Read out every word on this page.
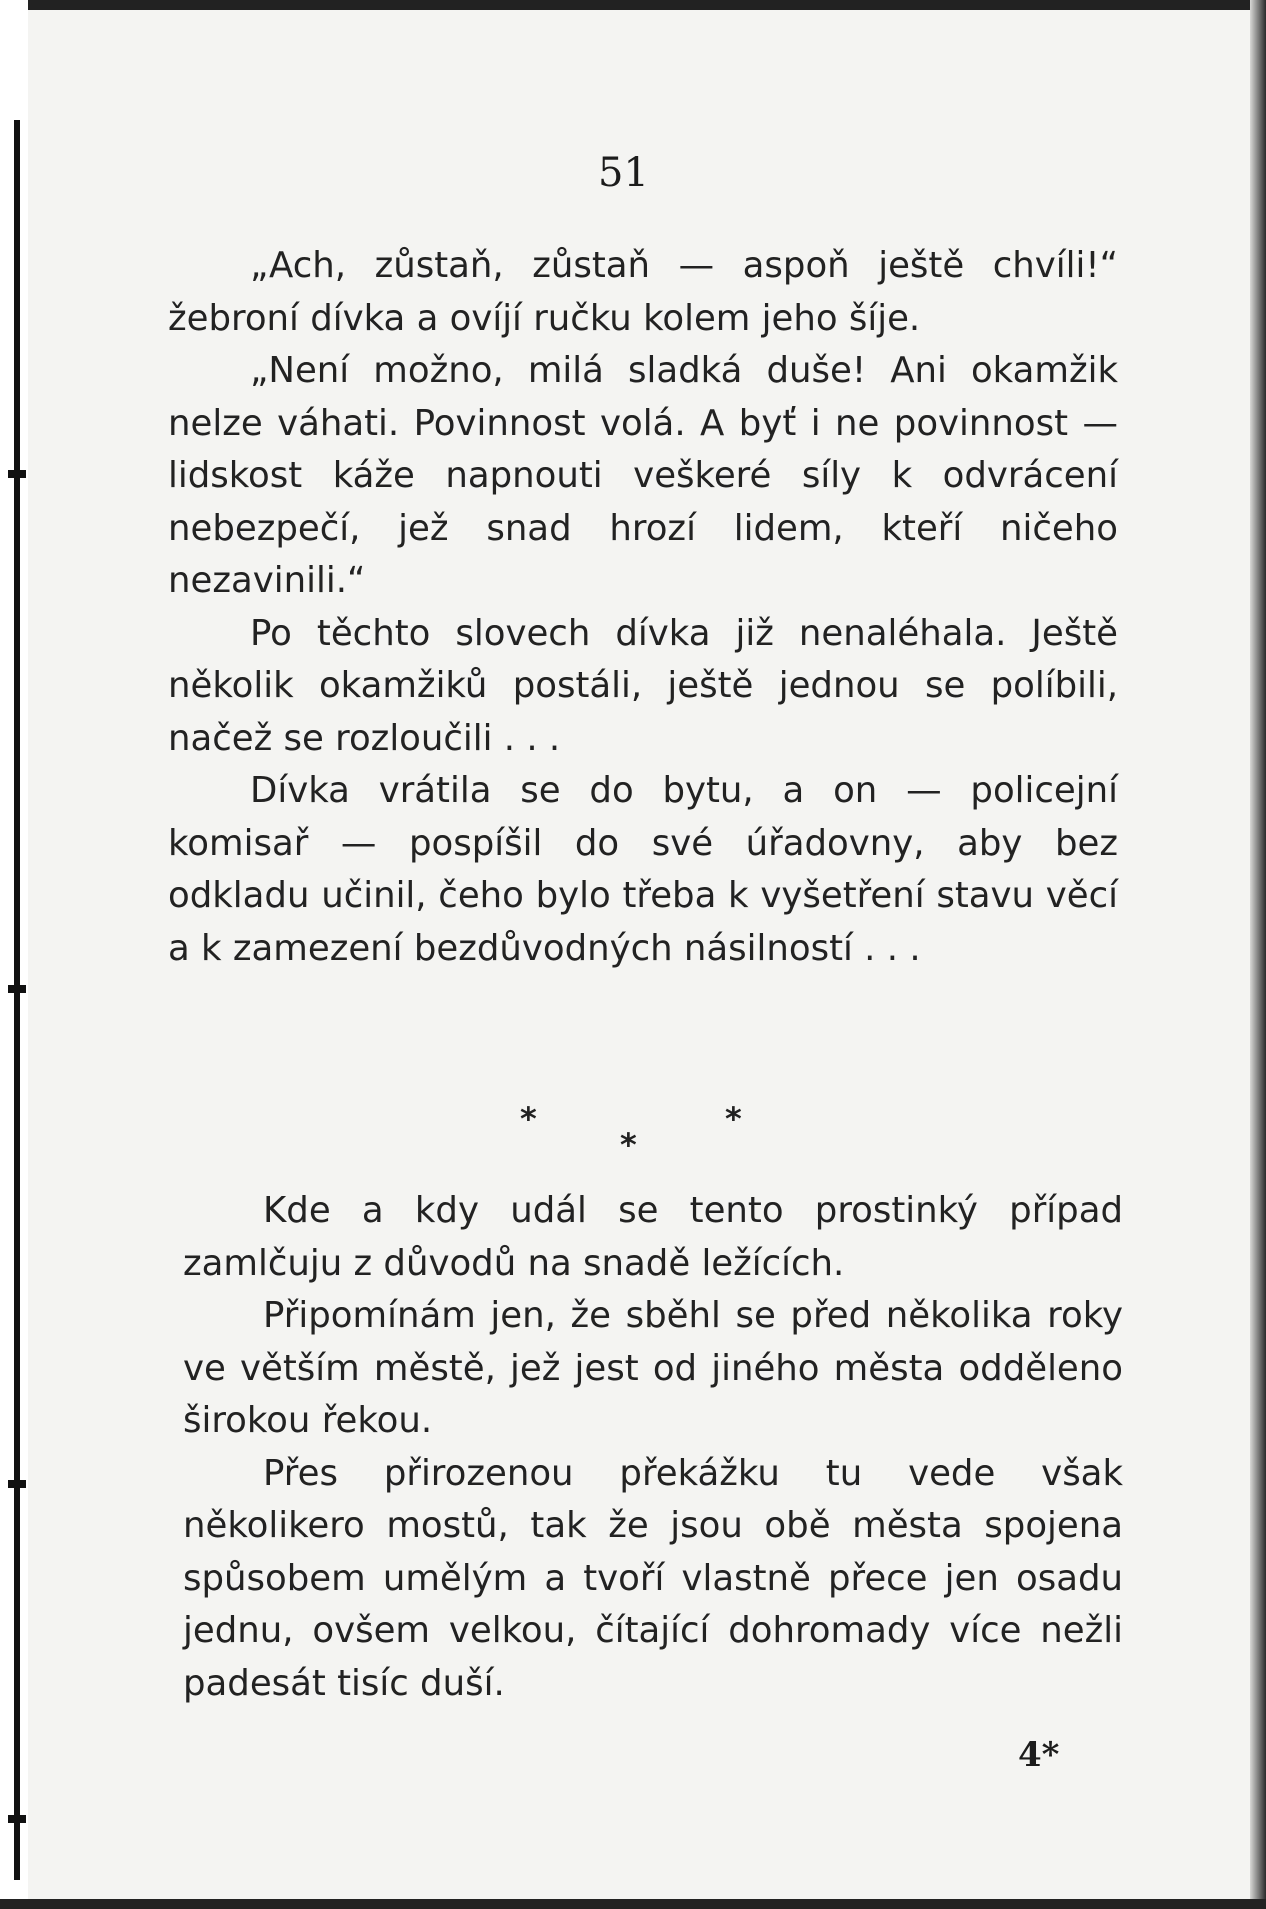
51

„Ach, zůstaň, zůstaň — aspoň ještě chvíli!“ žebroní dívka a ovíjí ručku kolem jeho šíje.

„Není možno, milá sladká duše! Ani okamžik nelze váhati. Povinnost volá. A byť i ne povinnost — lidskost káže napnouti veškeré síly k odvrácení nebezpečí, jež snad hrozí lidem, kteří ničeho nezavinili.“

Po těchto slovech dívka již nenaléhala. Ještě několik okamžiků postáli, ještě jednou se políbili, načež se rozloučili . . .

Dívka vrátila se do bytu, a on — policejní komisař — pospíšil do své úřadovny, aby bez odkladu učinil, čeho bylo třeba k vyšetření stavu věcí a k zamezení bezdůvodných násilností . . .

*
*
*

Kde a kdy udál se tento prostinký případ zamlčuju z důvodů na snadě ležících.

Připomínám jen, že sběhl se před několika roky ve větším městě, jež jest od jiného města odděleno širokou řekou.

Přes přirozenou překážku tu vede však několikero mostů, tak že jsou obě města spojena spůsobem umělým a tvoří vlastně přece jen osadu jednu, ovšem velkou, čítající dohromady více nežli padesát tisíc duší.

4*
